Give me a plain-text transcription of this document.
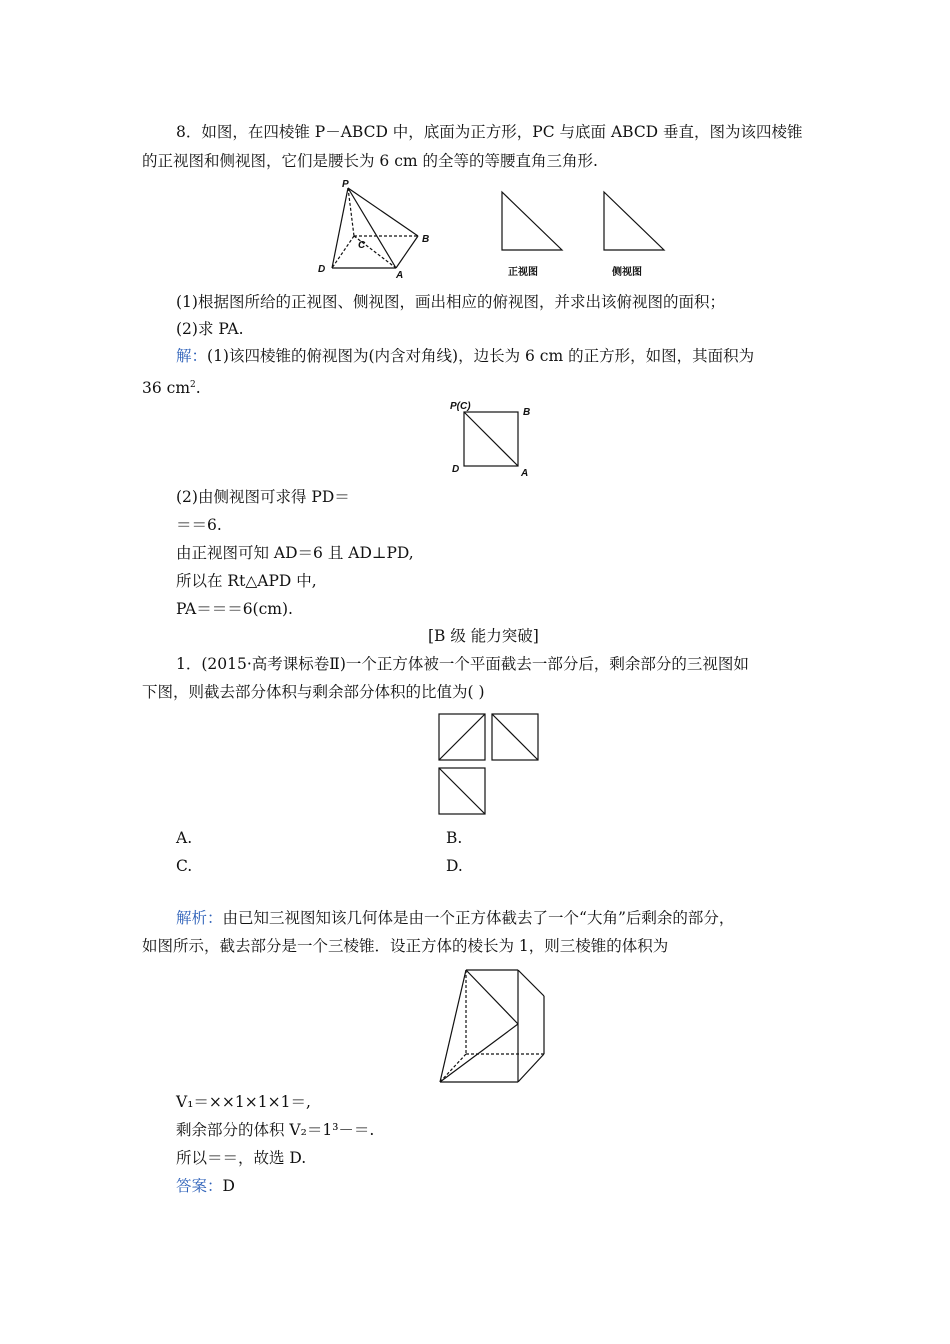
8．如图，在四棱锥 P－ABCD 中，底面为正方形，PC 与底面 ABCD 垂直，图为该四棱锥
的正视图和侧视图，它们是腰长为 6 cm 的全等的等腰直角三角形.
P
C
B
D
A	正视图	侧视图
(1)根据图所给的正视图、侧视图，画出相应的俯视图，并求出该俯视图的面积；
(2)求 PA.
解：(1)该四棱锥的俯视图为(内含对角线)，边长为 6 cm 的正方形，如图，其面积为
36 $cm^2$.
P(C)
B
D	A
(2)由侧视图可求得 PD＝
＝＝6.
由正视图可知 AD＝6 且 AD⊥PD,
所以在 Rt△APD 中,
PA＝＝＝6(cm).
[B 级 能力突破]
1．(2015·高考课标卷Ⅱ)一个正方体被一个平面截去一部分后，剩余部分的三视图如
下图，则截去部分体积与剩余部分体积的比值为( )
A.	B.
C.	D.
解析：由已知三视图知该几何体是由一个正方体截去了一个“大角”后剩余的部分，
如图所示，截去部分是一个三棱锥．设正方体的棱长为 1，则三棱锥的体积为
V₁＝××1×1×1＝,
剩余部分的体积 V₂＝1³－＝.
所以＝＝，故选 D.
答案：D
